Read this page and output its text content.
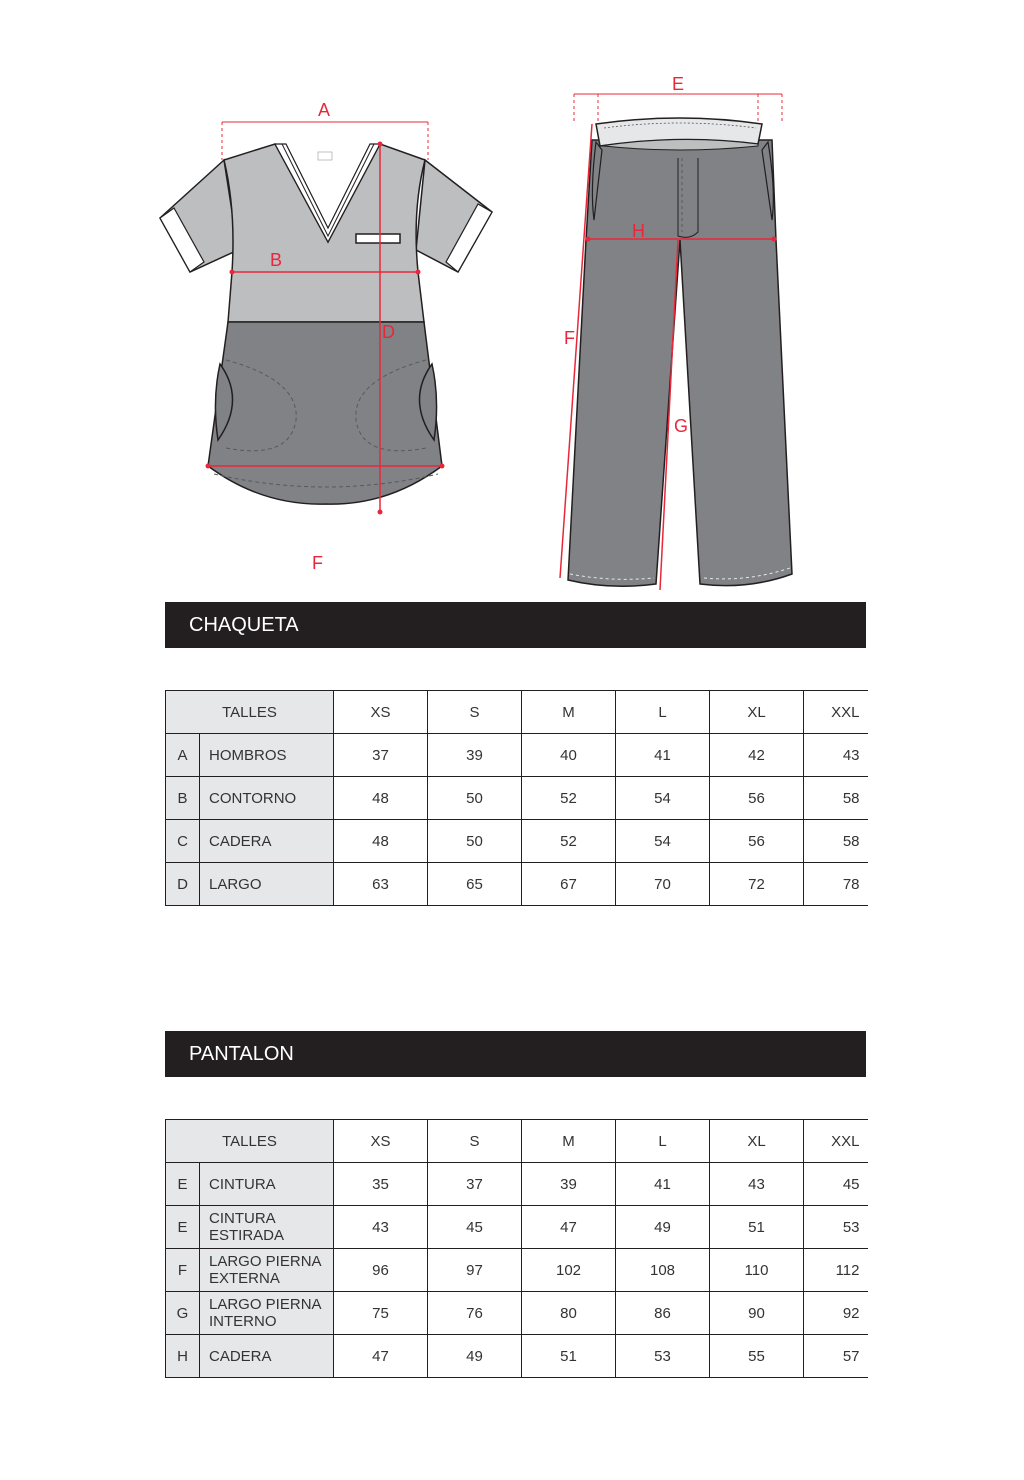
A
B
D
F
E
H
F
G
CHAQUETA
TALLES		XS	S	M	L	XL	XXL
A	HOMBROS	37	39	40	41	42	43
B	CONTORNO	48	50	52	54	56	58
C	CADERA	48	50	52	54	56	58
D	LARGO	63	65	67	70	72	78
PANTALON
TALLES		XS	S	M	L	XL	XXL
E	CINTURA	35	37	39	41	43	45
E	CINTURA ESTIRADA	43	45	47	49	51	53
F	LARGO PIERNA EXTERNA	96	97	102	108	110	112
G	LARGO PIERNA INTERNO	75	76	80	86	90	92
H	CADERA	47	49	51	53	55	57
